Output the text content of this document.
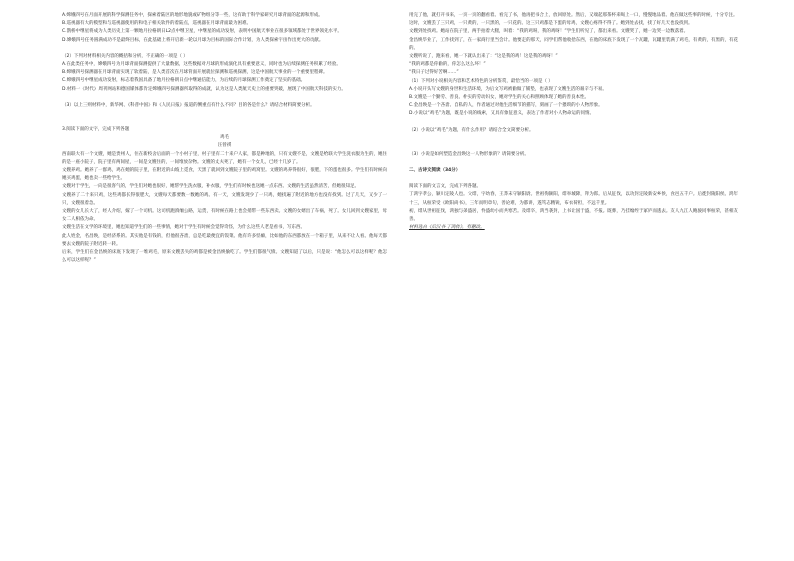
A.嫦娥四号在月面开展的科学探测任务中，探索着陆区的地形地貌或矿物组分等一些，这有助于科学家研究月球背面的起源和形成。

B.巡视器有大的模型和与巡视器使用的和电子相关软件的着陆点，巡视器在月球背面最为困难。

C.鹊桥中继星将成为人类历史上第一颗地月拉格朗日L2点中继卫星，中继星的成功发射，表明中国航天事业在很多领域都处于世界领先水平。

D.嫦娥四号任务圆满成功不是最终目标，在此基础上将开启新一轮以月球为目标的国际合作计划，为人类探索宇宙作出更大的贡献。

（2）下列对材料相关内容的概括和分析，不正确的一项是（ ）

A.在此类任务中，嫦娥四号为月球背面探测提供了大量数据，这些数据对月球的形成演化具有重要意义，同时也为后续探测任务积累了经验。

B.嫦娥四号探测器在月球背面实现了软着陆，是人类首次在月球背面开展就位探测和巡视探测，这是中国航天事业的一个重要里程碑。

C.嫦娥四号中继星成功发射，标志着我国具备了地月拉格朗日点中继通信能力，为后续的月球探测工作奠定了坚实的基础。

D.材料一《时代》周刊网站和德国媒体都肯定嫦娥四号探测器所取得的成就，认为这是人类航天史上的重要突破，展现了中国航天科技的实力。

（3）以上三则材料中，新华网、《科普中国》和《人民日报》报道的侧重点有什么不同？目的各是什么？请结合材料简要分析。

3.阅读下面的文字，完成下列各题

鸡毛

汪曾祺

西南联大有一个文嫂，她是贵州人，住在新校舍后面的一个小村子里，村子里有二十来户人家，都是种地的，只有文嫂不是，文嫂是给联大学生洗衣服为生的，她住的是一座小院子，院子里有两间屋，一间是文嫂住的，一间堆放杂物。文嫂的丈夫死了，她有一个女儿，已经十几岁了。

文嫂养鸡。她养了一群鸡，鸡在她的院子里，在附近的山坡上觅食，天黑了就回到文嫂院子里的鸡窝里。文嫂的鸡养得很好，很肥，下的蛋也很多。学生们有时候向她买鸡蛋，她也卖一些给学生。

文嫂对于学生，一向是很客气的，学生们对她也很好，她帮学生洗衣服，补衣服，学生们有时候也送她一点东西。文嫂的生活虽然清苦，但她很知足。

文嫂养了二十来只鸡，这些鸡都长得很肥大，文嫂每天都要数一数她的鸡。有一天，文嫂发现少了一只鸡，她找遍了附近的地方也没有找到。过了几天，又少了一只，文嫂很着急。

文嫂的女儿长大了，经人介绍，嫁了一个司机。这司机跑滇缅公路，运货，有时候在路上也会捎带一些东西卖。文嫂的女婿出了车祸，死了。女儿回到文嫂家里，母女二人相依为命。

文嫂生活在文学的环境里，她也知道学生们的一些事情，她对于学生有时候会觉得奇怪，为什么这些人老是看书，写东西。

此人姓金，名昌焕，是经济系的。其实他是有钱的，但他很吝啬，总是吃最便宜的饭菜。他有许多怪癖，比如他的东西都放在一个箱子里，从来不让人看。他每天都要去文嫂的院子附近转一转。

后来，学生们在金昌焕的床底下发现了一堆鸡毛，原来文嫂丢失的鸡都是被金昌焕偷吃了。学生们都很气愤。文嫂知道了以后，只是说：“他怎么可以这样呢？他怎么可以这样呢？”

用完了他，就打开书来，一页一页的翻看着。看完了书，他再把书合上，放回原处。然后，又端起那茶杯来喝上一口，慢慢地品着。他在做这些事的时候，十分专注。

这时，文嫂丢了三只鸡，一只黄的，一只黑的，一只花的。这三只鸡都是下蛋的母鸡，文嫂心疼得不得了。她到处去找，找了好几天也没找到。

文嫂到处找鸡。她站在院子里，两手拍着大腿，叫着：“我的鸡呀，我的鸡呀！”学生们听见了，都出来看。文嫂哭了，她一边哭一边数落着。

金昌焕毕业了，工作找到了，在一家商行里当会计。他要走的那天，同学们帮他收拾东西，在他的床底下发现了一个瓦罐，瓦罐里装满了鸡毛，有黄的，有黑的，有花的。

文嫂听说了，跑来看，她一下就认出来了：“这是我的鸡！这是我的鸡呀！”

“我的鸡都是你偷的，你怎么这么坏！”

“我日子过得好苦啊……”

（1）下列对小说相关内容和艺术特色的分析鉴赏，最恰当的一项是（ ）

A.小说开头写文嫂的身世和生活环境，为后文写鸡被偷做了铺垫，也表现了文嫂生活的艰辛与不易。

B.文嫂是一个勤劳、善良、朴实的劳动妇女，她对学生的关心和照顾体现了她的善良本性。

C.金昌焕是一个吝啬、自私的人，作者通过对他生活细节的描写，刻画了一个猥琐的小人物形象。

D.小说以“鸡毛”为题，既是小说的线索，又具有象征意义，表达了作者对小人物命运的同情。

（2）小说以“鸡毛”为题，有什么作用？请结合全文简要分析。

（3）小说是如何塑造金昌焕这一人物形象的？请简要分析。

二、古诗文阅读（34分）

阅读下面的文言文，完成下列各题。

丁鸿字孝公，颍川定陵人也。父绯，字幼春，王莽末守颍阳尉。世祖徇颍阳，绯举城降，拜为郎。后从征伐，以功封定陵新安乡侯，食邑五千户。后徙封陵阳侯。鸿年十三，从桓荣受《欧阳尚书》，三年而明章句，善论难，为都讲，遂笃志精锐，布衣荷担，不远千里。

初，绯从世祖征伐，鸿独与弟盛居，怜盛幼小而共寒苦。及绯卒，鸿当袭封，上书让国于盛，不报。既葬，乃挂缞绖于冢庐而逃去。友人九江人鲍骏同事桓荣，甚相友善。

材料选自《后汉书·丁鸿传》，有删改。
